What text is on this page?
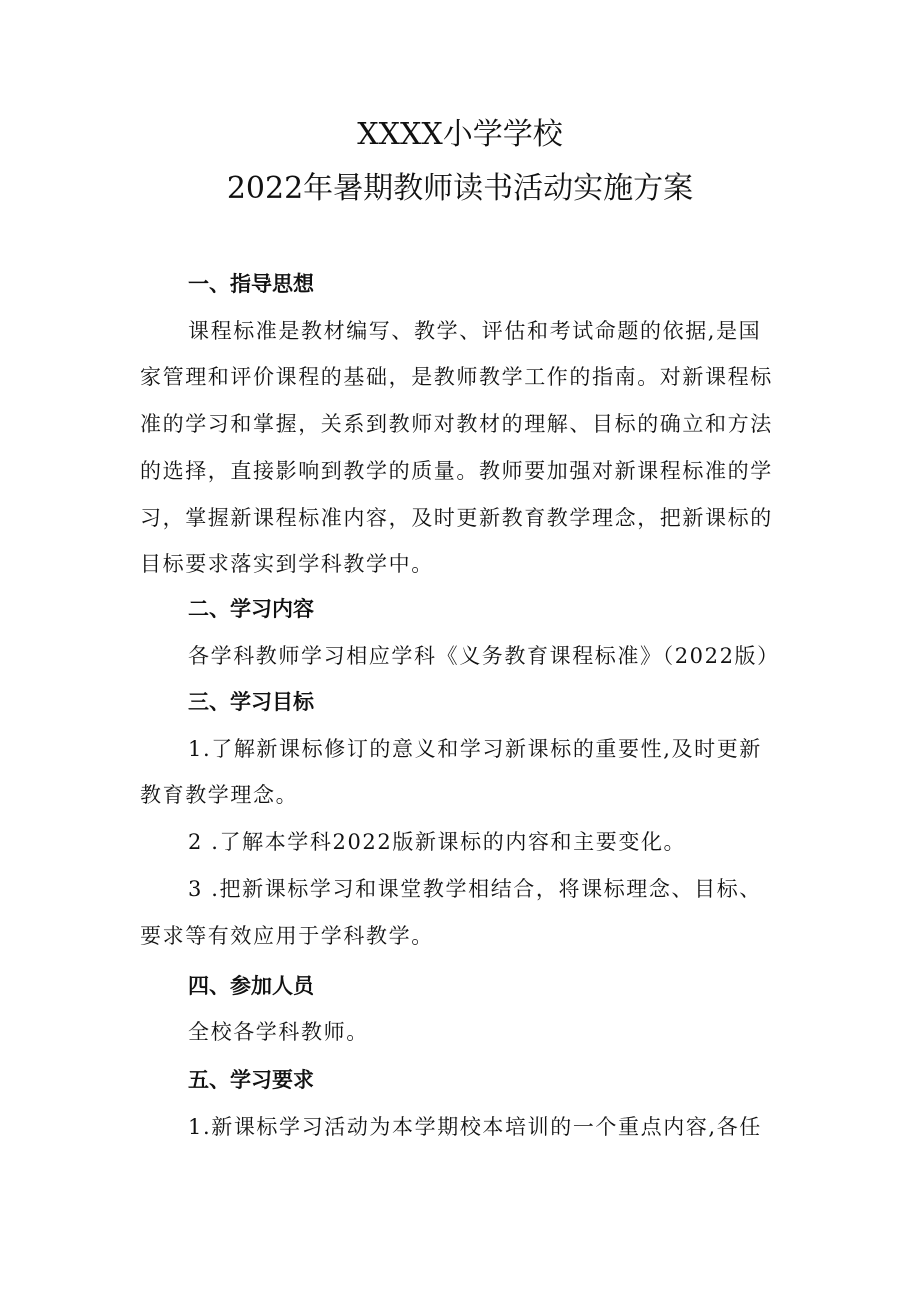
XXXX小学学校
2022年暑期教师读书活动实施方案
一、指导思想
课程标准是教材编写、教学、评估和考试命题的依据,是国
家管理和评价课程的基础，是教师教学工作的指南。对新课程标
准的学习和掌握，关系到教师对教材的理解、目标的确立和方法
的选择，直接影响到教学的质量。教师要加强对新课程标准的学
习，掌握新课程标准内容，及时更新教育教学理念，把新课标的
目标要求落实到学科教学中。
二、学习内容
各学科教师学习相应学科《义务教育课程标准》（2022版）
三、学习目标
1.了解新课标修订的意义和学习新课标的重要性,及时更新
教育教学理念。
2 .了解本学科2022版新课标的内容和主要变化。
3 .把新课标学习和课堂教学相结合，将课标理念、目标、
要求等有效应用于学科教学。
四、参加人员
全校各学科教师。
五、学习要求
1.新课标学习活动为本学期校本培训的一个重点内容,各任
